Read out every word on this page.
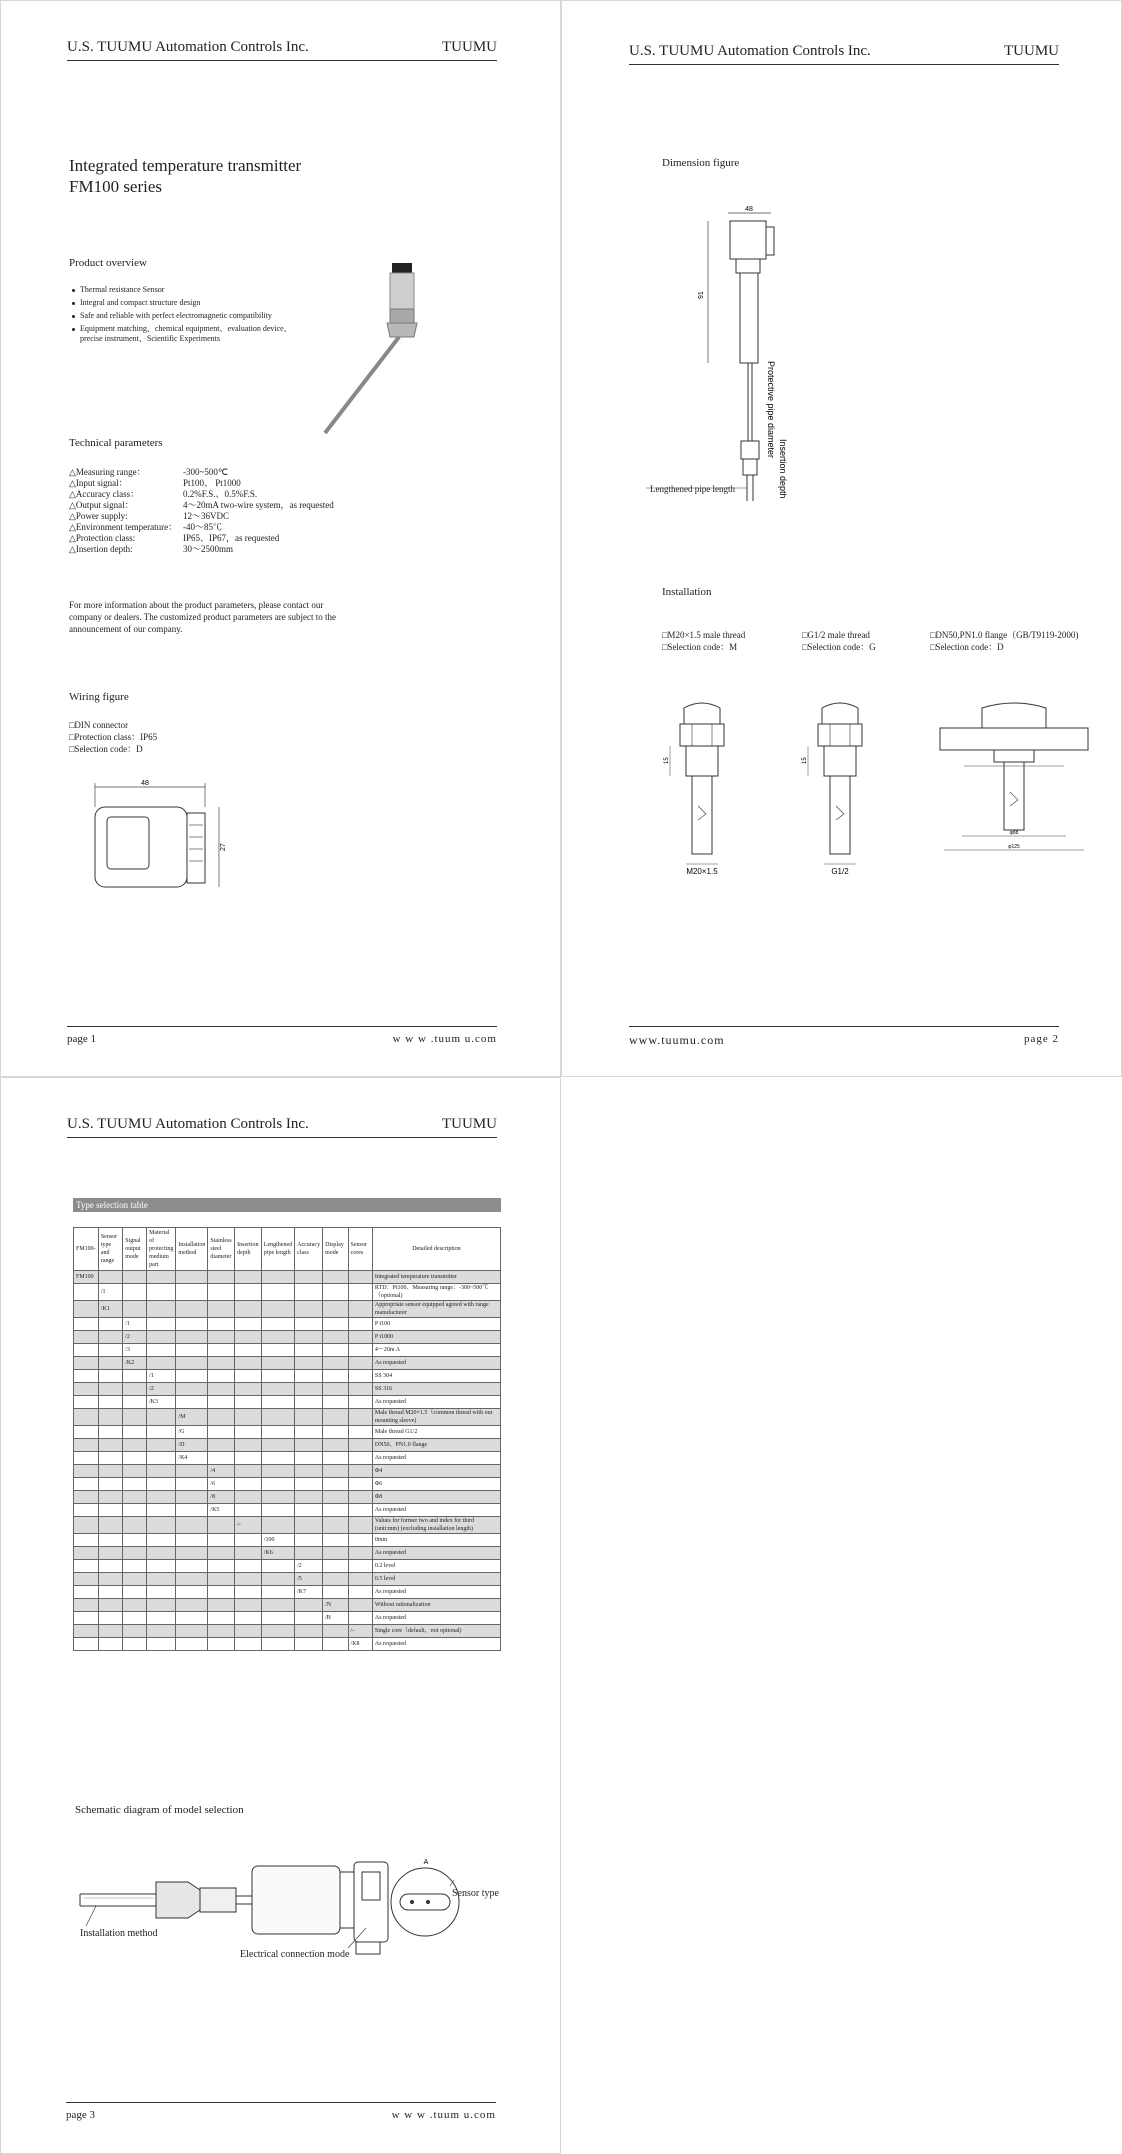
U.S. TUUMU Automation Controls Inc.	TUUMU
Integrated temperature transmitter
FM100 series
Product overview
Thermal resistance Sensor
Integral and compact structure design
Safe and reliable with perfect electromagnetic compatibility
Equipment matching、chemical equipment、evaluation device、precise instrument、Scientific Experiments
Technical parameters
△Measuring range：	-300~500℃
△Input signal：	Pt100、 Pt1000
△Accuracy class：	0.2%F.S.、0.5%F.S.
△Output signal：	4～20mA two-wire system，as requested
△Power supply:	12～36VDC
△Environment temperature： -40～85℃
△Protection class:	IP65、IP67，as requested
△Insertion depth:	30～2500mm
For more information about the product parameters, please contact our
company or dealers. The customized product parameters are subject to the
announcement of our company.
Wiring figure
□DIN connector
□Protection class：IP65
□Selection code：D
48
27
page 1	w w w .tuum u.com
U.S. TUUMU Automation Controls Inc.	TUUMU
Dimension figure
48
91
Protective pipe diameter
Insertion depth
Lengthened pipe length
Installation
□M20×1.5 male thread
□Selection code：M
□G1/2 male thread
□Selection code：G
□DN50,PN1.0 flange（GB/T9119-2000)
□Selection code：D
15
M20×1.5
15
G1/2
φ88
φ125
www.tuumu.com	page 2
U.S. TUUMU Automation Controls Inc.	TUUMU
Type selection table
FM100-	Sensor type and range	Signal output mode	Material of protecting medium part	Installation method	Stainless steel diameter	Insertion depth	Lengthened pipe length	Accuracy class	Display mode	Sensor cores	Detailed description
FM100											Integrated temperature transmitter
	/1										RTD：Pt100、Measuring range：-300~500℃（optional)
	/K1										Appropriate sensor equipped agreed with range manufacturer
		/1									P t100
		/2									P t1000
		/3									4～20m A
		/K2									As requested
			/1								SS 304
			/2								SS 316
			/K3								As requested
				/M							Male thread M20×1.5（common thread with our mounting sleeve)
				/G							Male thread G1/2
				/D							DN50、PN1.0 flange
				/K4							As requested
					/4						Φ4
					/6						Φ6
					/8						Φ8
					/K5						As requested
						/-					Values for former two and index for third (unit:mm) (excluding installation length)
							/100				0mm
							/K6				As requested
								/2			0.2 level
								/5			0.5 level
								/K7			As requested
									/N		Without rationalization
									/B		As requested
										/-	Single core（default，not optional)
										/K8	As requested
Schematic diagram of model selection
A
Sensor type
Installation method
Electrical connection mode
page 3	w w w .tuum u.com
